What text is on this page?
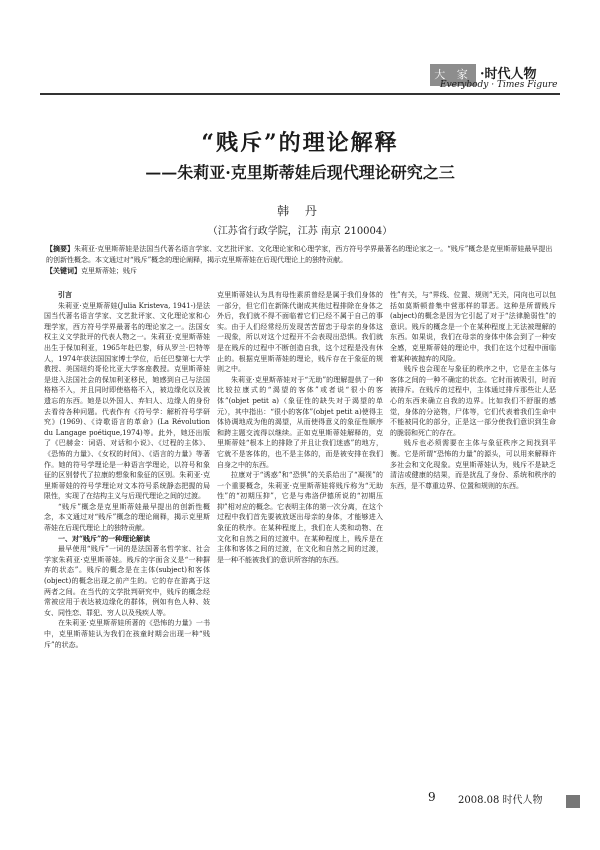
大 家 ·时代人物
Everybody · Times Figure
“贱斥”的理论解释
——朱莉亚·克里斯蒂娃后现代理论研究之三
韩 丹
（江苏省行政学院，江苏 南京 210004）
【摘要】朱莉亚·克里斯蒂娃是法国当代著名语言学家、文艺批评家、文化理论家和心理学家，西方符号学界最著名的理论家之一。“贱斥”概念是克里斯蒂娃最早提出的创新性概念。本文通过对“贱斥”概念的理论阐释，揭示克里斯蒂娃在后现代理论上的独特贡献。
【关键词】克里斯蒂娃；贱斥

引言

朱莉亚·克里斯蒂娃(Julia Kristeva, 1941-)是法国当代著名语言学家、文艺批评家、文化理论家和心理学家，西方符号学界最著名的理论家之一。法国女权主义文学批评的代表人物之一。朱莉亚·克里斯蒂娃出生于保加利亚，1965年赴巴黎，师从罗兰·巴特等人，1974年获法国国家博士学位，后任巴黎第七大学教授、美国纽约哥伦比亚大学客座教授。克里斯蒂娃是进入法国社会的保加利亚移民，她感到自己与法国格格不入，并且同时即使格格不入，被边缘化以及被遗忘的东西。她是以外国人、弃妇人、边缘人的身份去看待各种问题。代表作有《符号学：解析符号学研究》(1969)、《诗歌语言的革命》(La Révolution du Langage poétique,1974)等。此外，她还出版了《巴赫金：词语、对话和小说》、《过程的主体》、《恐怖的力量》、《女权的时间》、《语言的力量》等著作。她的符号学理论是一种语言学理论，以符号和象征的区别替代了拉康的想象和象征的区别。朱莉亚·克里斯蒂娃的符号学理论对文本符号系统静态把握的局限性，实现了在结构主义与后现代理论之间的过渡。

“贱斥”概念是克里斯蒂娃最早提出的创新性概念，本文通过对“贱斥”概念的理论阐释，揭示克里斯蒂娃在后现代理论上的独特贡献。

一、对“贱斥”的一种理论解读

最早使用“贱斥”一词的是法国著名哲学家、社会学家朱莉亚·克里斯蒂娃。贱斥的字面含义是“一种摒弃的状态”。贱斥的概念是在主体(subject)和客体(object)的概念出现之前产生的。它的存在游离于这两者之间。在当代的文学批判研究中，贱斥的概念经常被应用于表达被边缘化的群体，例如有色人种、妓女、同性恋、罪犯、穷人以及残疾人等。

在朱莉亚·克里斯蒂娃所著的《恐怖的力量》一书中，克里斯蒂娃认为我们在孩童时期会出现一种“贱斥”的状态。

克里斯蒂娃认为具有母性素质曾经是属于我们身体的一部分，但它们在新陈代谢成其他过程排除在身体之外后，我们就不得不面临着它们已经不属于自己的事实。由于人们经常经历发现苦苦留恋于母亲的身体这一现象，所以对这个过程开不会表现出恐惧。我们就是在贱斥的过程中不断创造自我，这个过程是没有休止的。根据克里斯蒂娃的理论，贱斥存在于象征的规则之中。

朱莉亚·克里斯蒂娃对于“无助”的理解提供了一种比较拉康式的“渴望的客体”或者说“很小的客体”(objet petit a)（象征性的缺失对于渴望的单元），其中指出：“很小的客体”(objet petit a)使得主体协调地成为他的渴望，从而使得意义的象征性顺序和跨主题交流得以继续。正如克里斯蒂娃解释的，克里斯蒂娃“根本上的排除了并且让我们迷惑”的地方，它就不是客体的，也不是主体的，而是被安排在我们自身之中的东西。

拉康对于“诱惑”和“恐惧”的关系给出了“凝视”的一个重要概念，朱莉亚·克里斯蒂娃将贱斥称为“无助性”的“初期压抑”，它是与弗洛伊德所说的“初期压抑”相对应的概念。它表明主体的第一次分离，在这个过程中我们首先要被放逐出母亲的身体，才能够进入象征的秩序。在某种程度上，我们在人类和动物、在文化和自然之间的过渡中。在某种程度上，贱斥是在主体和客体之间的过渡，在文化和自然之间的过渡，是一种不能被我们的意识所容纳的东西。

性”有关，与“界线、位置、规则”无关，同向也可以包括如莫斯顿普集中营那样的罪恶。这种是所谓贱斥(abject)的概念是因为它引起了对于“法律脆弱性”的意识。贱斥的概念是一个在某种程度上无法被理解的东西。如果说，我们在母亲的身体中体会到了一种安全感，克里斯蒂娃的理论中，我们在这个过程中面临着某种被抛弃的风险。

贱斥也会现在与象征的秩序之中，它是在主体与客体之间的一种不确定的状态。它时而被吸引，时而被排斥。在贱斥的过程中，主体通过排斥那些让人恶心的东西来确立自我的边界。比如我们不舒服的感觉，身体的分泌物，尸体等，它们代表着我们生命中不能被同化的部分，正是这一部分使我们意识到生命的脆弱和死亡的存在。

贱斥也必须需要在主体与象征秩序之间找到平衡。它是所谓“恐怖的力量”的源头，可以用来解释许多社会和文化现象。克里斯蒂娃认为，贱斥不是缺乏清洁或健康的结果，而是扰乱了身份、系统和秩序的东西，是不尊重边界、位置和规则的东西。

9 2008.08 时代人物
